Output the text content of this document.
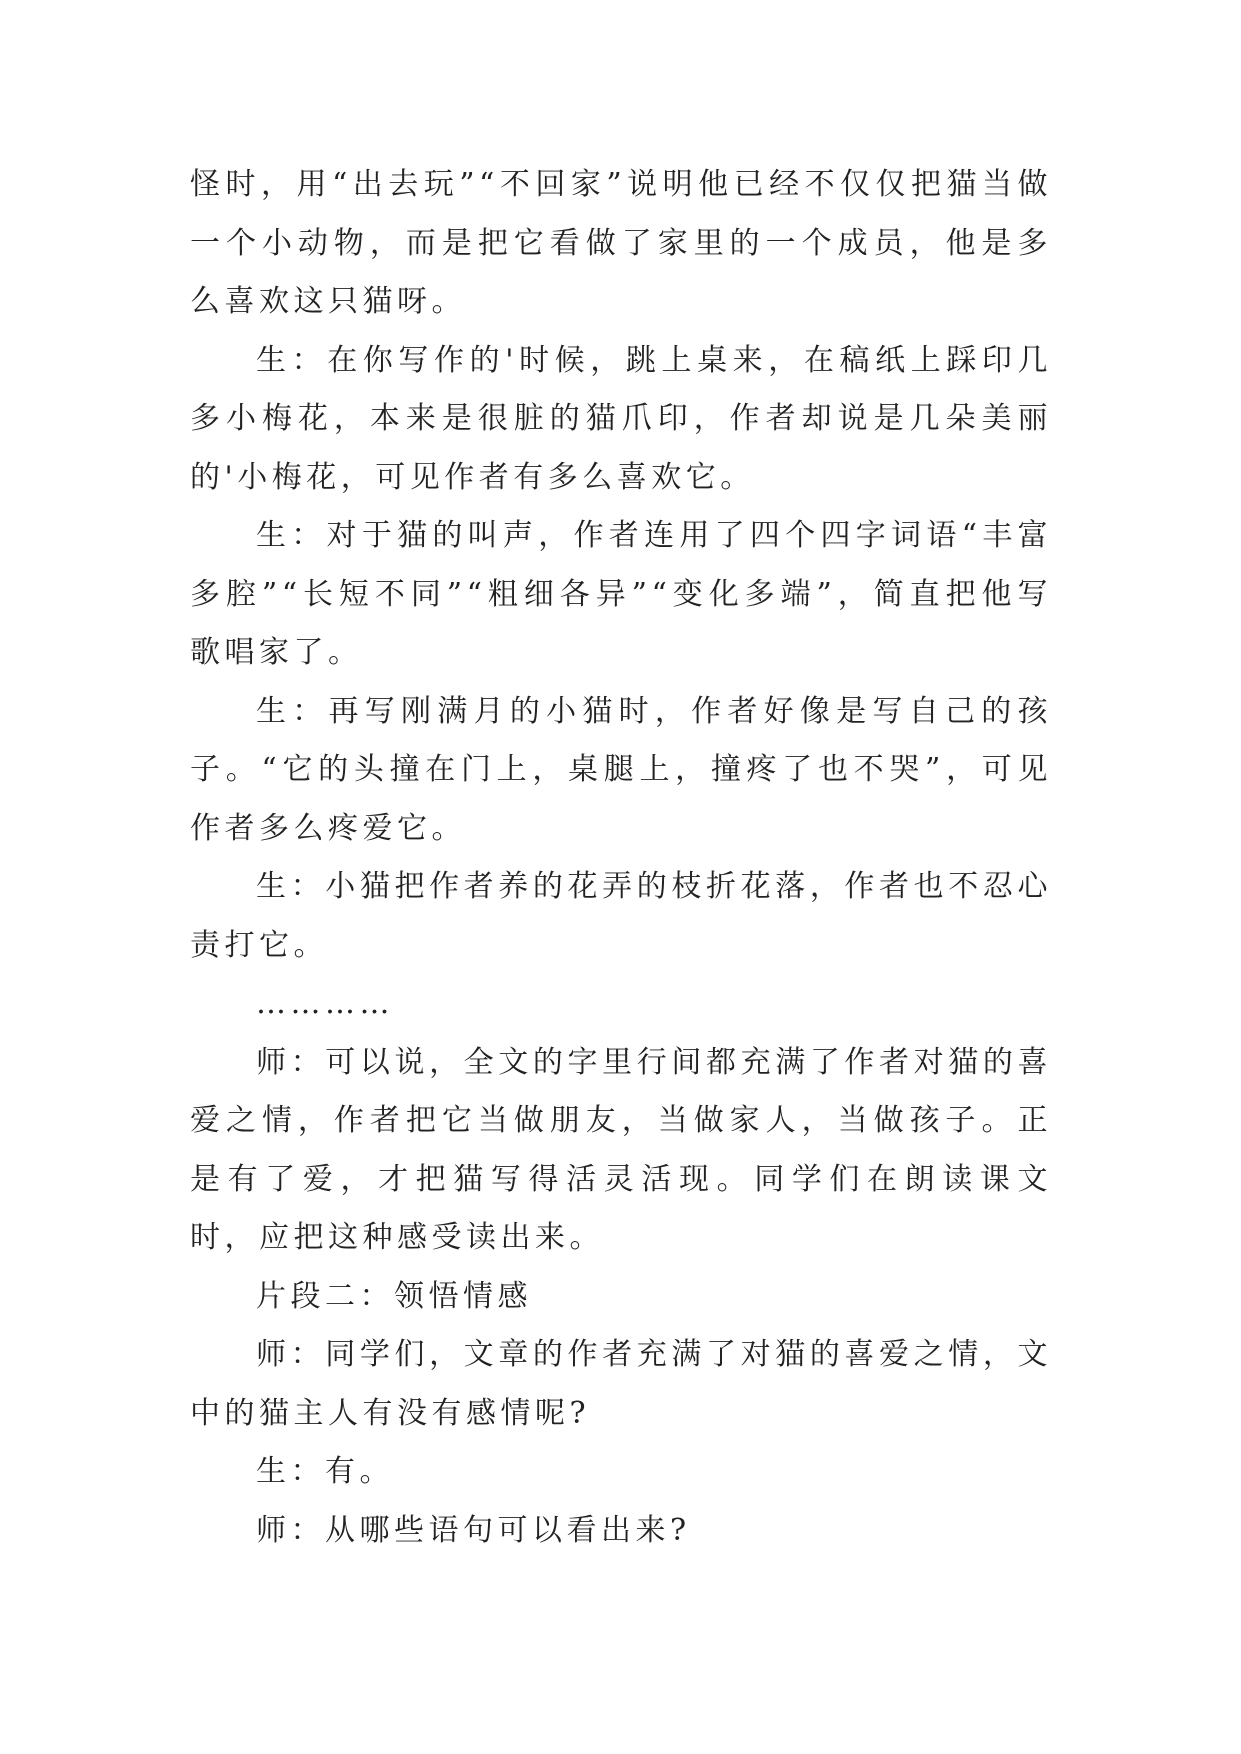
怪时，用“出去玩”“不回家”说明他已经不仅仅把猫当做一个小动物，而是把它看做了家里的一个成员，他是多么喜欢这只猫呀。

生：在你写作的'时候，跳上桌来，在稿纸上踩印几多小梅花，本来是很脏的猫爪印，作者却说是几朵美丽的'小梅花，可见作者有多么喜欢它。

生：对于猫的叫声，作者连用了四个四字词语“丰富多腔”“长短不同”“粗细各异”“变化多端”，简直把他写歌唱家了。

生：再写刚满月的小猫时，作者好像是写自己的孩子。“它的头撞在门上，桌腿上，撞疼了也不哭”，可见作者多么疼爱它。

生：小猫把作者养的花弄的枝折花落，作者也不忍心责打它。

…………

师：可以说，全文的字里行间都充满了作者对猫的喜爱之情，作者把它当做朋友，当做家人，当做孩子。正是有了爱，才把猫写得活灵活现。同学们在朗读课文时，应把这种感受读出来。

片段二：领悟情感

师：同学们，文章的作者充满了对猫的喜爱之情，文中的猫主人有没有感情呢?

生：有。

师：从哪些语句可以看出来?
